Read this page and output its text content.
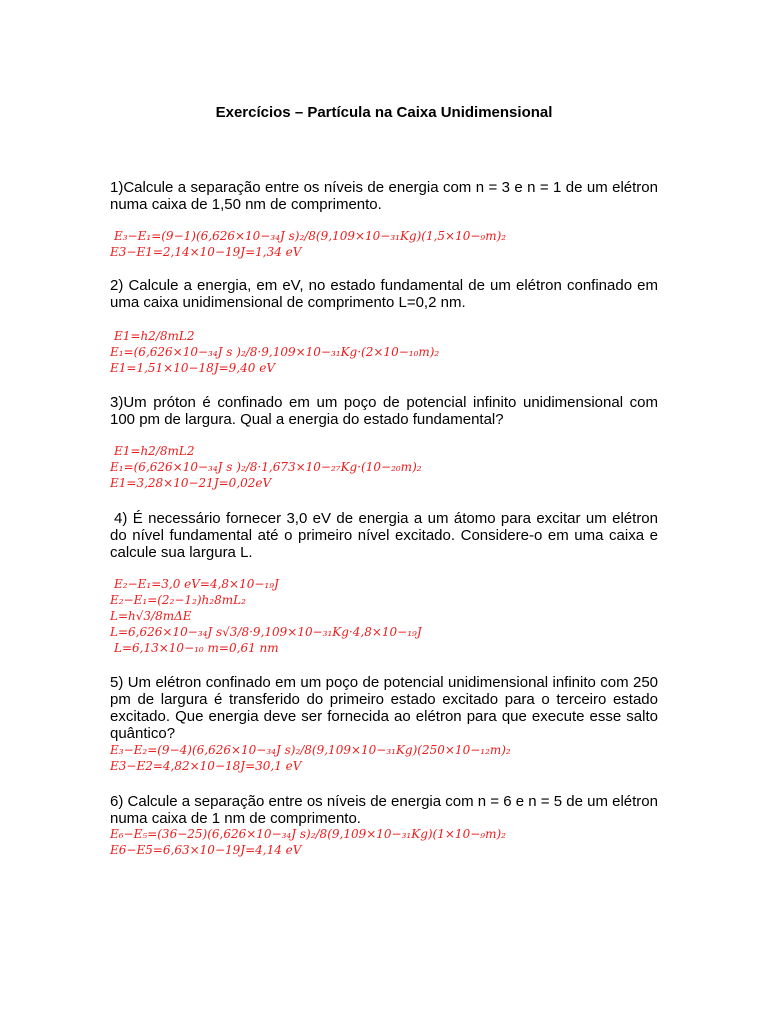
Exercícios – Partícula na Caixa Unidimensional
1)Calcule a separação entre os níveis de energia com n = 3 e n = 1 de um elétron numa caixa de 1,50 nm de comprimento.
E₃−E₁=(9−1)(6,626×10−₃₄J s)₂/8(9,109×10−₃₁Kg)(1,5×10−₉m)₂
E3−E1=2,14×10−19J=1,34 eV
2) Calcule a energia, em eV, no estado fundamental de um elétron confinado em uma caixa unidimensional de comprimento L=0,2 nm.
E1=h2/8mL2
E₁=(6,626×10−₃₄J s )₂/8·9,109×10−₃₁Kg·(2×10−₁₀m)₂
E1=1,51×10−18J=9,40 eV
3)Um próton é confinado em um poço de potencial infinito unidimensional com 100 pm de largura. Qual a energia do estado fundamental?
E1=h2/8mL2
E₁=(6,626×10−₃₄J s )₂/8·1,673×10−₂₇Kg·(10−₂₀m)₂
E1=3,28×10−21J=0,02eV
4) É necessário fornecer 3,0 eV de energia a um átomo para excitar um elétron do nível fundamental até o primeiro nível excitado. Considere-o em uma caixa e calcule sua largura L.
E₂−E₁=3,0 eV=4,8×10−₁₉J
E₂−E₁=(2₂−1₂)h₂8mL₂
L=h√3/8mΔE
L=6,626×10−₃₄J s√3/8·9,109×10−₃₁Kg·4,8×10−₁₉J
L=6,13×10−₁₀ m=0,61 nm
5) Um elétron confinado em um poço de potencial unidimensional infinito com 250 pm de largura é transferido do primeiro estado excitado para o terceiro estado excitado. Que energia deve ser fornecida ao elétron para que execute esse salto quântico?
E₃−E₂=(9−4)(6,626×10−₃₄J s)₂/8(9,109×10−₃₁Kg)(250×10−₁₂m)₂
E3−E2=4,82×10−18J=30,1 eV
6) Calcule a separação entre os níveis de energia com n = 6 e n = 5 de um elétron numa caixa de 1 nm de comprimento.
E₆−E₅=(36−25)(6,626×10−₃₄J s)₂/8(9,109×10−₃₁Kg)(1×10−₉m)₂
E6−E5=6,63×10−19J=4,14 eV
